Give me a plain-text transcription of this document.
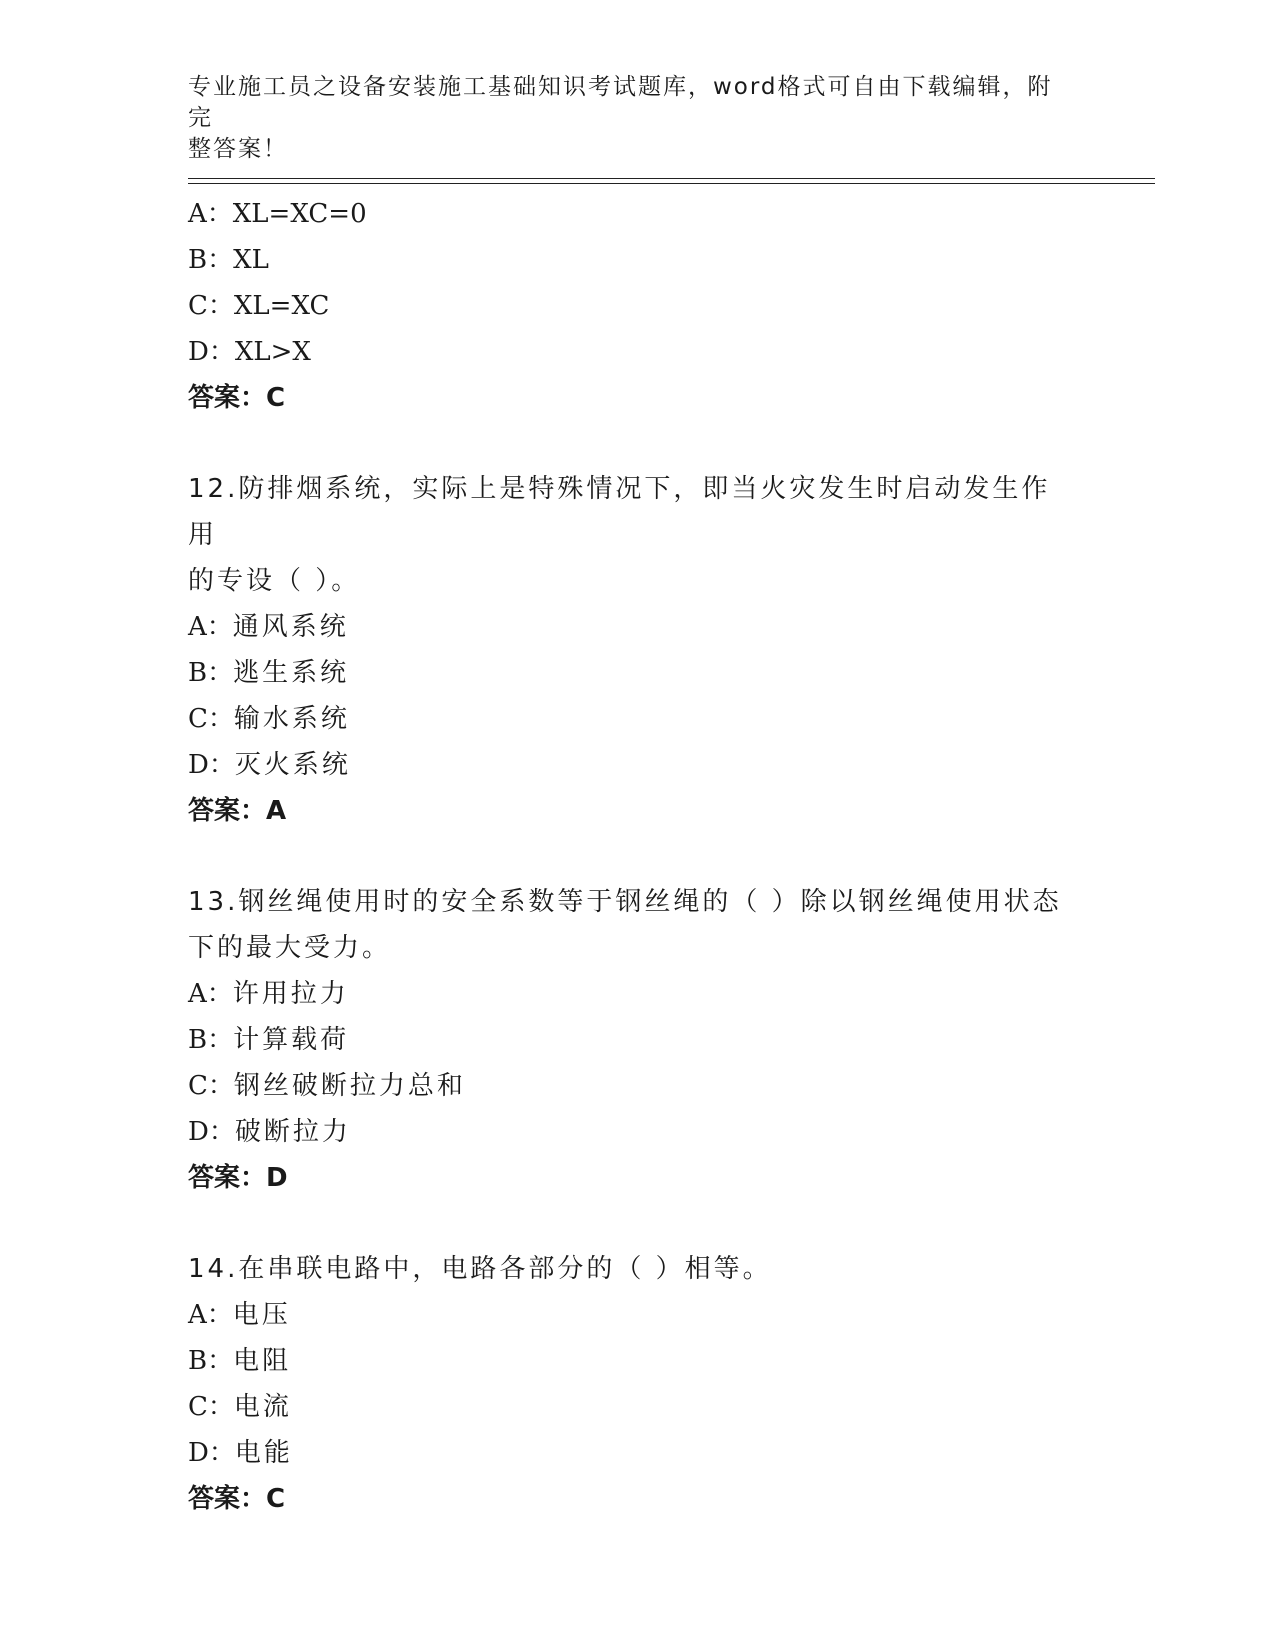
专业施工员之设备安装施工基础知识考试题库，word格式可自由下载编辑，附完
整答案！
A：XL=XC=0
B：XL
C：XL=XC
D：XL>X
答案：C
12.防排烟系统，实际上是特殊情况下，即当火灾发生时启动发生作用
的专设（ ）。
A：通风系统
B：逃生系统
C：输水系统
D：灭火系统
答案：A
13.钢丝绳使用时的安全系数等于钢丝绳的（ ）除以钢丝绳使用状态
下的最大受力。
A：许用拉力
B：计算载荷
C：钢丝破断拉力总和
D：破断拉力
答案：D
14.在串联电路中，电路各部分的（ ）相等。
A：电压
B：电阻
C：电流
D：电能
答案：C
